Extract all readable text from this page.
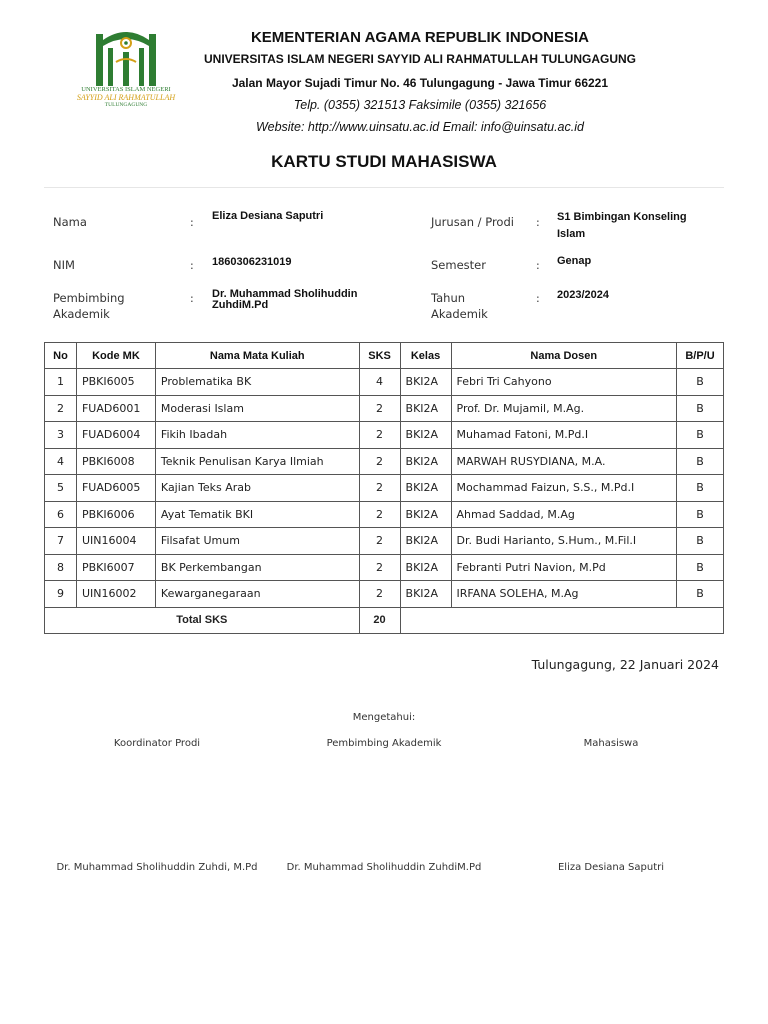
UNIVERSITAS ISLAM NEGERI
SAYYID ALI RAHMATULLAH
TULUNGAGUNG
KEMENTERIAN AGAMA REPUBLIK INDONESIA
UNIVERSITAS ISLAM NEGERI SAYYID ALI RAHMATULLAH TULUNGAGUNG
Jalan Mayor Sujadi Timur No. 46 Tulungagung - Jawa Timur 66221
Telp. (0355) 321513 Faksimile (0355) 321656
Website: http://www.uinsatu.ac.id Email: info@uinsatu.ac.id
KARTU STUDI MAHASISWA
Nama	: Eliza Desiana Saputri
NIM	: 1860306231019
Pembimbing
Akademik
: Dr. Muhammad Sholihuddin
ZuhdiM.Pd
Jurusan / Prodi : S1 Bimbingan Konseling
Islam
Semester	: Genap
Tahun
Akademik
: 2023/2024
No	Kode MK	Nama Mata Kuliah	SKS	Kelas	Nama Dosen	B/P/U
1	PBKI6005	Problematika BK	4	BKI2A	Febri Tri Cahyono	B
2	FUAD6001	Moderasi Islam	2	BKI2A	Prof. Dr. Mujamil, M.Ag.	B
3	FUAD6004	Fikih Ibadah	2	BKI2A	Muhamad Fatoni, M.Pd.I	B
4	PBKI6008	Teknik Penulisan Karya Ilmiah	2	BKI2A	MARWAH RUSYDIANA, M.A.	B
5	FUAD6005	Kajian Teks Arab	2	BKI2A	Mochammad Faizun, S.S., M.Pd.I	B
6	PBKI6006	Ayat Tematik BKI	2	BKI2A	Ahmad Saddad, M.Ag	B
7	UIN16004	Filsafat Umum	2	BKI2A	Dr. Budi Harianto, S.Hum., M.Fil.I	B
8	PBKI6007	BK Perkembangan	2	BKI2A	Febranti Putri Navion, M.Pd	B
9	UIN16002	Kewarganegaraan	2	BKI2A	IRFANA SOLEHA, M.Ag	B
Total SKS			20			
Tulungagung, 22 Januari 2024
Mengetahui:
Koordinator Prodi	Pembimbing Akademik	Mahasiswa
Dr. Muhammad Sholihuddin Zuhdi, M.Pd	Dr. Muhammad Sholihuddin ZuhdiM.Pd	Eliza Desiana Saputri
